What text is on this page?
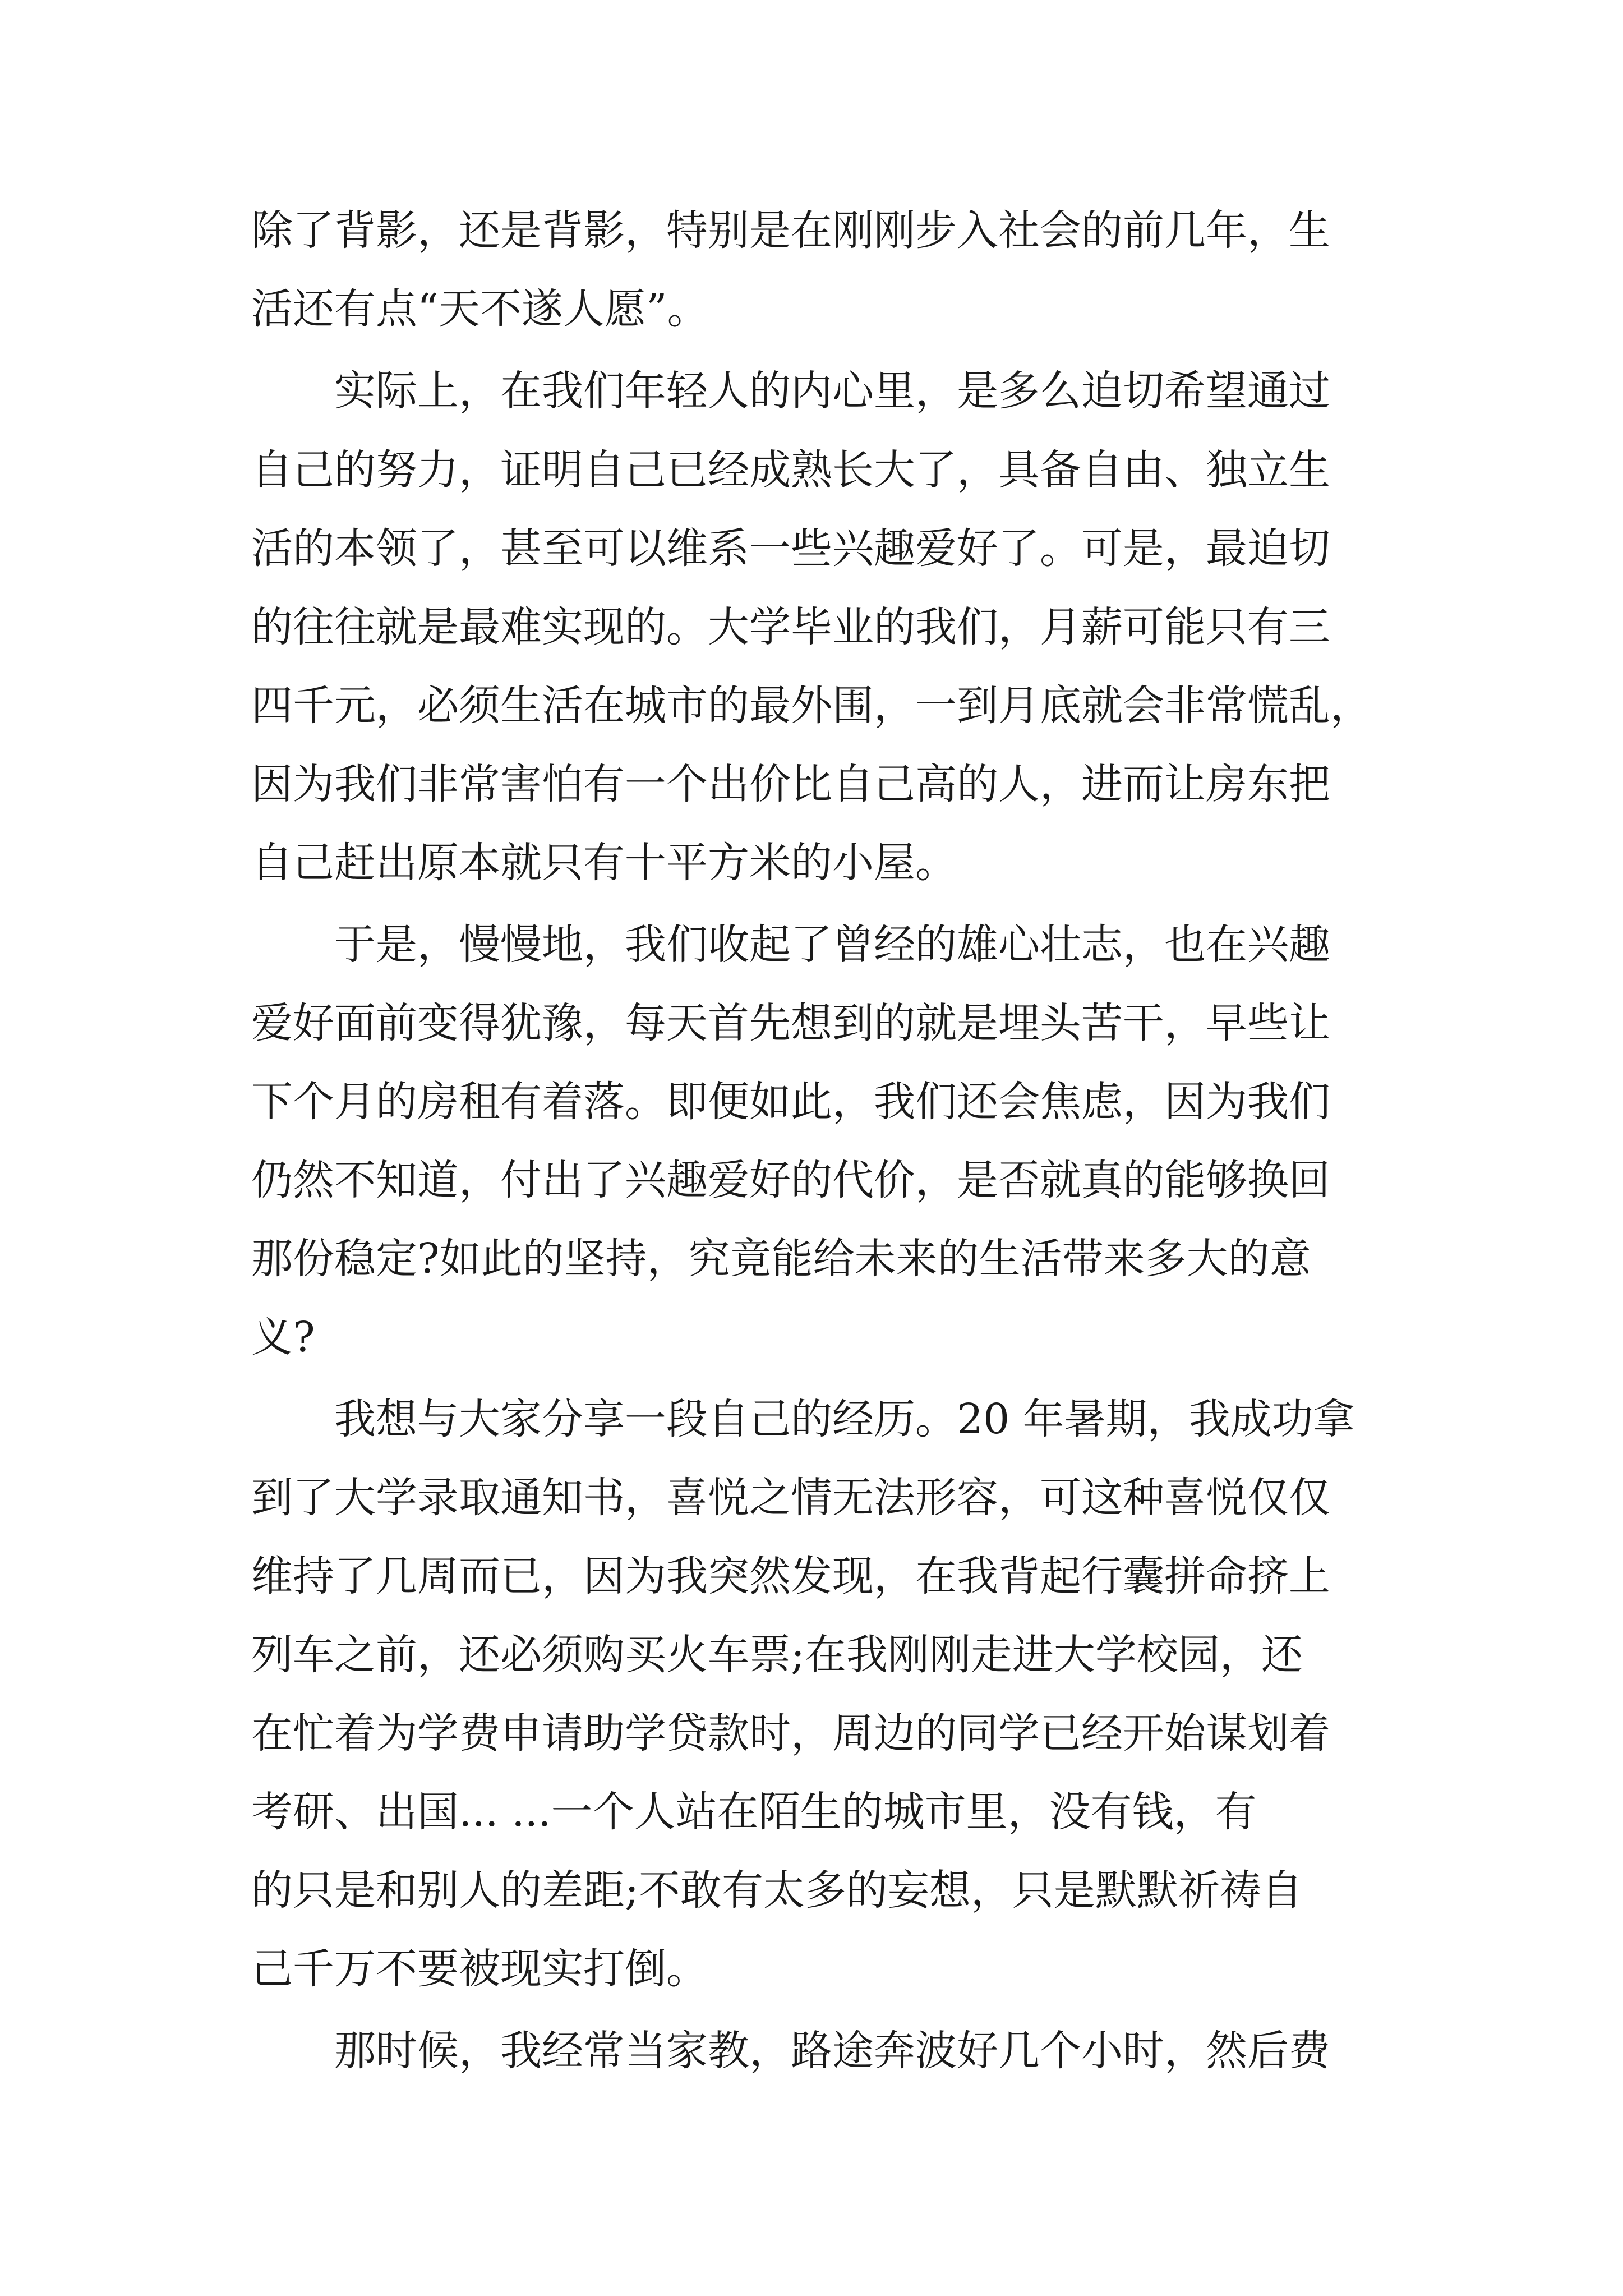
除了背影，还是背影，特别是在刚刚步入社会的前几年，生
活还有点“天不遂人愿”。
　　实际上，在我们年轻人的内心里，是多么迫切希望通过
自己的努力，证明自己已经成熟长大了，具备自由、独立生
活的本领了，甚至可以维系一些兴趣爱好了。可是，最迫切
的往往就是最难实现的。大学毕业的我们，月薪可能只有三
四千元，必须生活在城市的最外围，一到月底就会非常慌乱，
因为我们非常害怕有一个出价比自己高的人，进而让房东把
自己赶出原本就只有十平方米的小屋。
　　于是，慢慢地，我们收起了曾经的雄心壮志，也在兴趣
爱好面前变得犹豫，每天首先想到的就是埋头苦干，早些让
下个月的房租有着落。即便如此，我们还会焦虑，因为我们
仍然不知道，付出了兴趣爱好的代价，是否就真的能够换回
那份稳定?如此的坚持，究竟能给未来的生活带来多大的意
义?
　　我想与大家分享一段自己的经历。20 年暑期，我成功拿
到了大学录取通知书，喜悦之情无法形容，可这种喜悦仅仅
维持了几周而已，因为我突然发现，在我背起行囊拼命挤上
列车之前，还必须购买火车票;在我刚刚走进大学校园，还
在忙着为学费申请助学贷款时，周边的同学已经开始谋划着
考研、出国... ...一个人站在陌生的城市里，没有钱，有
的只是和别人的差距;不敢有太多的妄想，只是默默祈祷自
己千万不要被现实打倒。
　　那时候，我经常当家教，路途奔波好几个小时，然后费
